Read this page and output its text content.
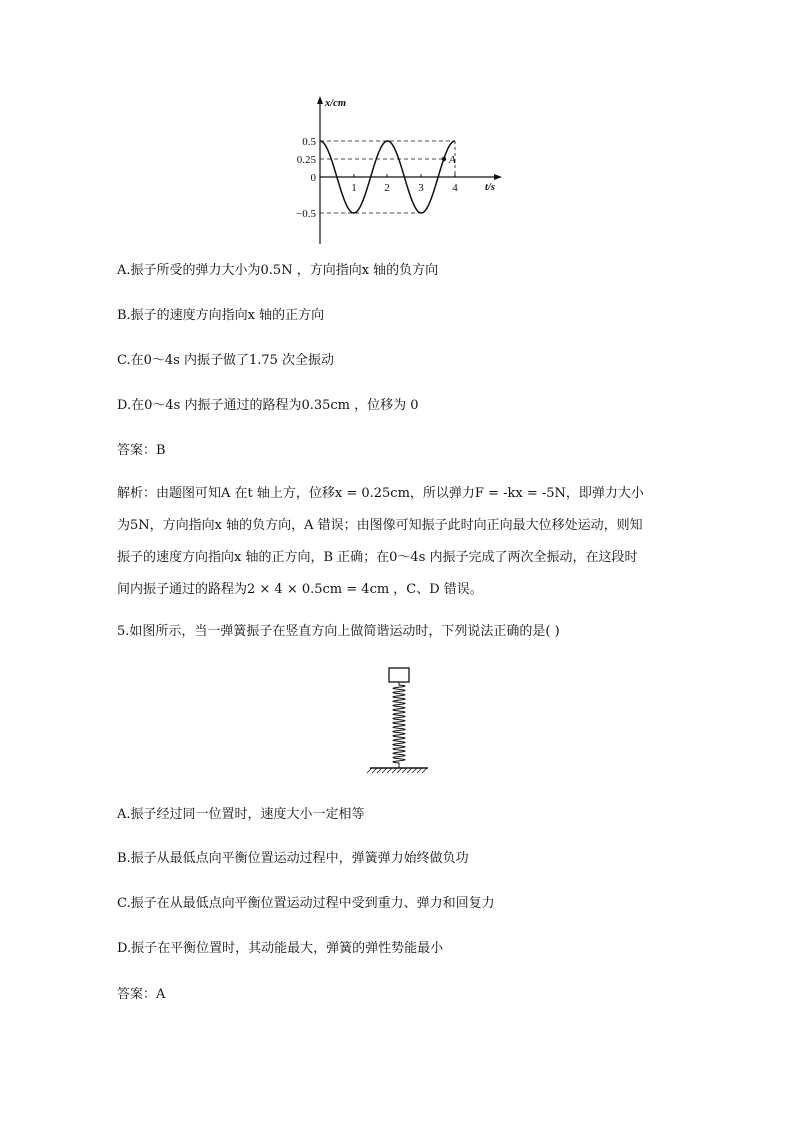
A
x/cm
t/s
0.5
0.25
0
−0.5
1	2	3	4
A.振子所受的弹力大小为0.5N ，方向指向x 轴的负方向
B.振子的速度方向指向x 轴的正方向
C.在0～4s 内振子做了1.75 次全振动
D.在0～4s 内振子通过的路程为0.35cm ，位移为 0
答案：B
解析：由题图可知A 在t 轴上方，位移x = 0.25cm，所以弹力F = -kx = -5N，即弹力大小
为5N，方向指向x 轴的负方向，A 错误；由图像可知振子此时向正向最大位移处运动，则知
振子的速度方向指向x 轴的正方向，B 正确；在0～4s 内振子完成了两次全振动，在这段时
间内振子通过的路程为2 × 4 × 0.5cm = 4cm ，C、D 错误。
5.如图所示，当一弹簧振子在竖直方向上做简谐运动时，下列说法正确的是( )
A.振子经过同一位置时，速度大小一定相等
B.振子从最低点向平衡位置运动过程中，弹簧弹力始终做负功
C.振子在从最低点向平衡位置运动过程中受到重力、弹力和回复力
D.振子在平衡位置时，其动能最大，弹簧的弹性势能最小
答案：A
